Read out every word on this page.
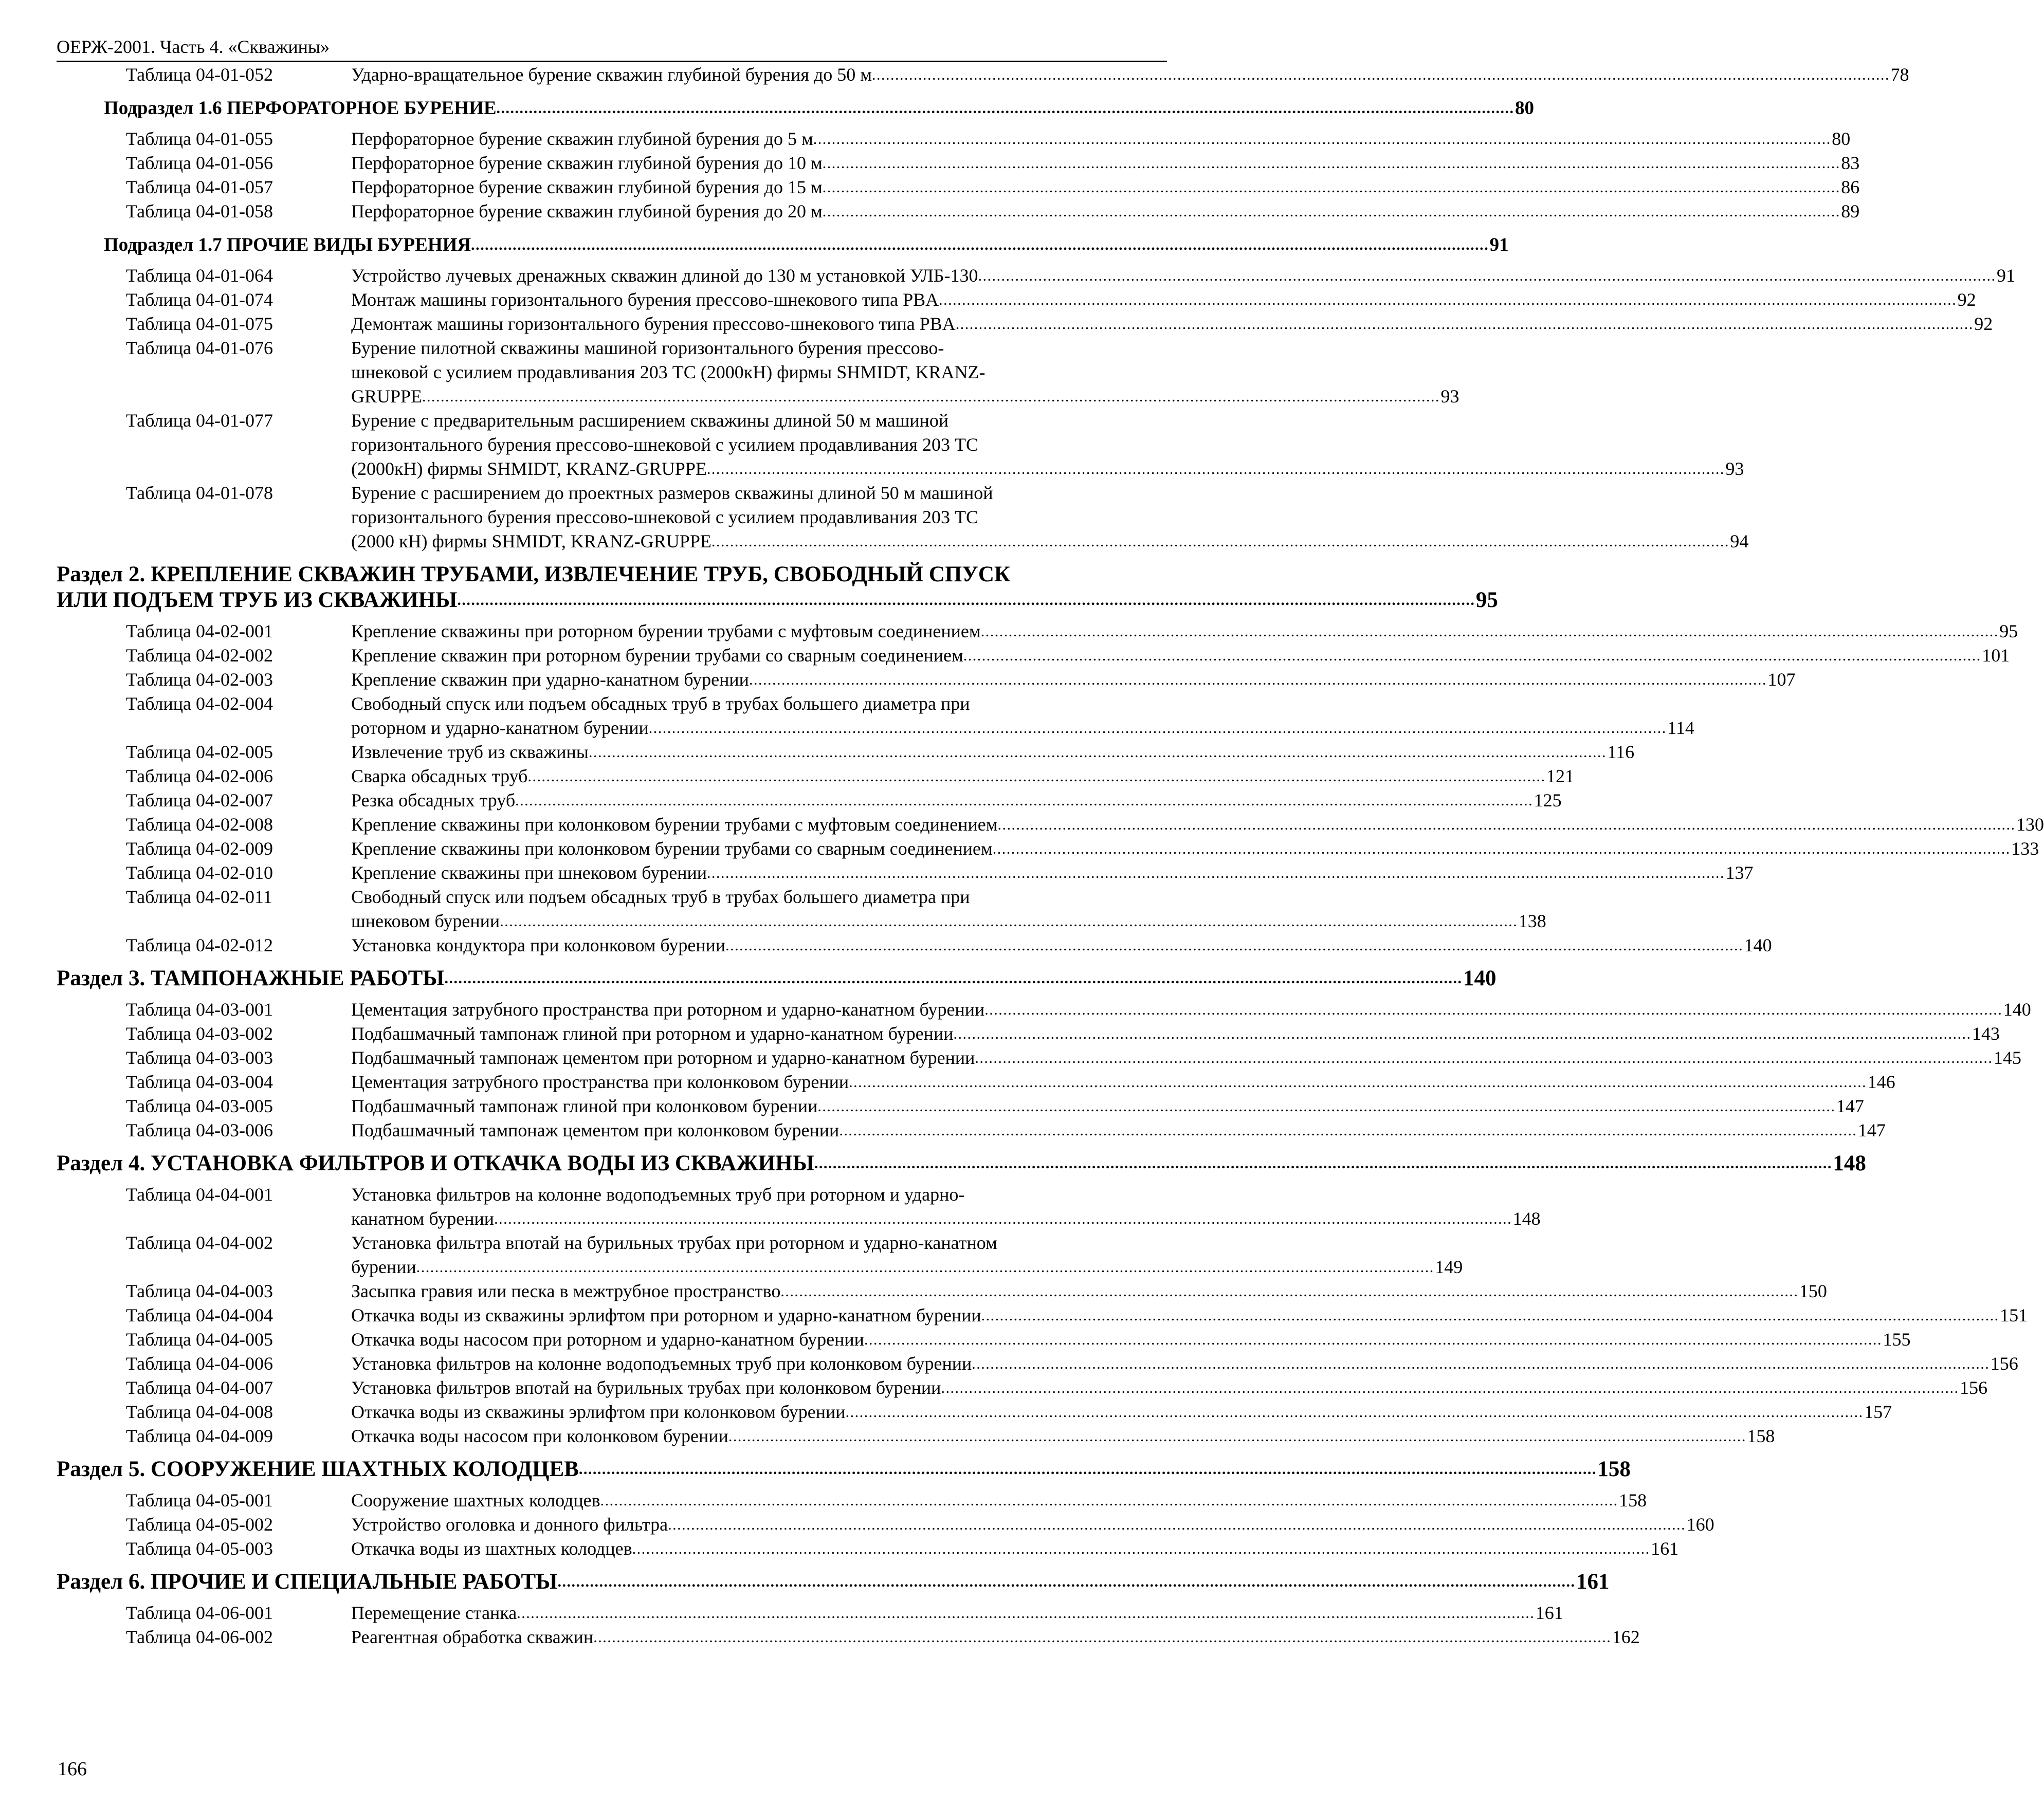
ОЕРЖ-2001. Часть 4. «Скважины»
Таблица 04-01-052	Ударно-вращательное бурение скважин глубиной бурения до 50 м . . . . . . . . . . . . . . . . . . . . . . . . . . . . . . . . . . . . . . . . . . . . . . . . . . . . . . . . . . . . . . . . . . . . . . . . . . . . . . . . . . . . . . . . . . . . . . . . . . . . . . . . . . . . . . . . . . . . . . . . . . . . . . . . . . . . . . . . . . . . . . . . . . . . . . . . . . . . . . . . . . . . . . . . . . . . . . . . . . . . . . . . . . . . . . . . . . . . . . . . . . . . . . . . . . . . . . . . . . . . 78
Подраздел 1.6 ПЕРФОРАТОРНОЕ БУРЕНИЕ . . . . . . . . . . . . . . . . . . . . . . . . . . . . . . . . . . . . . . . . . . . . . . . . . . . . . . . . . . . . . . . . . . . . . . . . . . . . . . . . . . . . . . . . . . . . . . . . . . . . . . . . . . . . . . . . . . . . . . . . . . . . . . . . . . . . . . . . . . . . . . . . . . . . . . . . . . . . . . . . . . . . . . . . . . . . . . . . . . . . . . . . . . . . . . . . . . . . . . . . . . . . . . . . . . . . . . . . . . . . 80
Таблица 04-01-055	Перфораторное бурение скважин глубиной бурения до 5 м . . . . . . . . . . . . . . . . . . . . . . . . . . . . . . . . . . . . . . . . . . . . . . . . . . . . . . . . . . . . . . . . . . . . . . . . . . . . . . . . . . . . . . . . . . . . . . . . . . . . . . . . . . . . . . . . . . . . . . . . . . . . . . . . . . . . . . . . . . . . . . . . . . . . . . . . . . . . . . . . . . . . . . . . . . . . . . . . . . . . . . . . . . . . . . . . . . . . . . . . . . . . . . . . . . . . . . . . . . . . 80
Таблица 04-01-056	Перфораторное бурение скважин глубиной бурения до 10 м . . . . . . . . . . . . . . . . . . . . . . . . . . . . . . . . . . . . . . . . . . . . . . . . . . . . . . . . . . . . . . . . . . . . . . . . . . . . . . . . . . . . . . . . . . . . . . . . . . . . . . . . . . . . . . . . . . . . . . . . . . . . . . . . . . . . . . . . . . . . . . . . . . . . . . . . . . . . . . . . . . . . . . . . . . . . . . . . . . . . . . . . . . . . . . . . . . . . . . . . . . . . . . . . . . . . . . . . . . . . 83
Таблица 04-01-057	Перфораторное бурение скважин глубиной бурения до 15 м . . . . . . . . . . . . . . . . . . . . . . . . . . . . . . . . . . . . . . . . . . . . . . . . . . . . . . . . . . . . . . . . . . . . . . . . . . . . . . . . . . . . . . . . . . . . . . . . . . . . . . . . . . . . . . . . . . . . . . . . . . . . . . . . . . . . . . . . . . . . . . . . . . . . . . . . . . . . . . . . . . . . . . . . . . . . . . . . . . . . . . . . . . . . . . . . . . . . . . . . . . . . . . . . . . . . . . . . . . . . 86
Таблица 04-01-058	Перфораторное бурение скважин глубиной бурения до 20 м . . . . . . . . . . . . . . . . . . . . . . . . . . . . . . . . . . . . . . . . . . . . . . . . . . . . . . . . . . . . . . . . . . . . . . . . . . . . . . . . . . . . . . . . . . . . . . . . . . . . . . . . . . . . . . . . . . . . . . . . . . . . . . . . . . . . . . . . . . . . . . . . . . . . . . . . . . . . . . . . . . . . . . . . . . . . . . . . . . . . . . . . . . . . . . . . . . . . . . . . . . . . . . . . . . . . . . . . . . . . 89
Подраздел 1.7 ПРОЧИЕ ВИДЫ БУРЕНИЯ . . . . . . . . . . . . . . . . . . . . . . . . . . . . . . . . . . . . . . . . . . . . . . . . . . . . . . . . . . . . . . . . . . . . . . . . . . . . . . . . . . . . . . . . . . . . . . . . . . . . . . . . . . . . . . . . . . . . . . . . . . . . . . . . . . . . . . . . . . . . . . . . . . . . . . . . . . . . . . . . . . . . . . . . . . . . . . . . . . . . . . . . . . . . . . . . . . . . . . . . . . . . . . . . . . . . . . . . . . . . 91
Таблица 04-01-064	Устройство лучевых дренажных скважин длиной до 130 м установкой УЛБ-130 . . . . . . . . . . . . . . . . . . . . . . . . . . . . . . . . . . . . . . . . . . . . . . . . . . . . . . . . . . . . . . . . . . . . . . . . . . . . . . . . . . . . . . . . . . . . . . . . . . . . . . . . . . . . . . . . . . . . . . . . . . . . . . . . . . . . . . . . . . . . . . . . . . . . . . . . . . . . . . . . . . . . . . . . . . . . . . . . . . . . . . . . . . . . . . . . . . . . . . . . . . . . . . . . . . . . . . . . . . . . 91
Таблица 04-01-074	Монтаж машины горизонтального бурения прессово-шнекового типа PBA . . . . . . . . . . . . . . . . . . . . . . . . . . . . . . . . . . . . . . . . . . . . . . . . . . . . . . . . . . . . . . . . . . . . . . . . . . . . . . . . . . . . . . . . . . . . . . . . . . . . . . . . . . . . . . . . . . . . . . . . . . . . . . . . . . . . . . . . . . . . . . . . . . . . . . . . . . . . . . . . . . . . . . . . . . . . . . . . . . . . . . . . . . . . . . . . . . . . . . . . . . . . . . . . . . . . . . . . . . . . 92
Таблица 04-01-075	Демонтаж машины горизонтального бурения прессово-шнекового типа PBA . . . . . . . . . . . . . . . . . . . . . . . . . . . . . . . . . . . . . . . . . . . . . . . . . . . . . . . . . . . . . . . . . . . . . . . . . . . . . . . . . . . . . . . . . . . . . . . . . . . . . . . . . . . . . . . . . . . . . . . . . . . . . . . . . . . . . . . . . . . . . . . . . . . . . . . . . . . . . . . . . . . . . . . . . . . . . . . . . . . . . . . . . . . . . . . . . . . . . . . . . . . . . . . . . . . . . . . . . . . . 92
Таблица 04-01-076	Бурение пилотной скважины машиной горизонтального бурения прессово-
шнековой с усилием продавливания 203 ТС (2000кН) фирмы SHMIDT, KRANZ-
GRUPPE . . . . . . . . . . . . . . . . . . . . . . . . . . . . . . . . . . . . . . . . . . . . . . . . . . . . . . . . . . . . . . . . . . . . . . . . . . . . . . . . . . . . . . . . . . . . . . . . . . . . . . . . . . . . . . . . . . . . . . . . . . . . . . . . . . . . . . . . . . . . . . . . . . . . . . . . . . . . . . . . . . . . . . . . . . . . . . . . . . . . . . . . . . . . . . . . . . . . . . . . . . . . . . . . . . . . . . . . . . . . 93
Таблица 04-01-077	Бурение с предварительным расширением скважины длиной 50 м машиной
горизонтального бурения прессово-шнековой с усилием продавливания 203 ТС
(2000кН) фирмы SHMIDT, KRANZ-GRUPPE . . . . . . . . . . . . . . . . . . . . . . . . . . . . . . . . . . . . . . . . . . . . . . . . . . . . . . . . . . . . . . . . . . . . . . . . . . . . . . . . . . . . . . . . . . . . . . . . . . . . . . . . . . . . . . . . . . . . . . . . . . . . . . . . . . . . . . . . . . . . . . . . . . . . . . . . . . . . . . . . . . . . . . . . . . . . . . . . . . . . . . . . . . . . . . . . . . . . . . . . . . . . . . . . . . . . . . . . . . . . 93
Таблица 04-01-078	Бурение с расширением до проектных размеров скважины длиной 50 м машиной
горизонтального бурения прессово-шнековой с усилием продавливания 203 ТС
(2000 кН) фирмы SHMIDT, KRANZ-GRUPPE . . . . . . . . . . . . . . . . . . . . . . . . . . . . . . . . . . . . . . . . . . . . . . . . . . . . . . . . . . . . . . . . . . . . . . . . . . . . . . . . . . . . . . . . . . . . . . . . . . . . . . . . . . . . . . . . . . . . . . . . . . . . . . . . . . . . . . . . . . . . . . . . . . . . . . . . . . . . . . . . . . . . . . . . . . . . . . . . . . . . . . . . . . . . . . . . . . . . . . . . . . . . . . . . . . . . . . . . . . . . 94
Раздел 2. КРЕПЛЕНИЕ СКВАЖИН ТРУБАМИ, ИЗВЛЕЧЕНИЕ ТРУБ, СВОБОДНЫЙ СПУСК
ИЛИ ПОДЪЕМ ТРУБ ИЗ СКВАЖИНЫ . . . . . . . . . . . . . . . . . . . . . . . . . . . . . . . . . . . . . . . . . . . . . . . . . . . . . . . . . . . . . . . . . . . . . . . . . . . . . . . . . . . . . . . . . . . . . . . . . . . . . . . . . . . . . . . . . . . . . . . . . . . . . . . . . . . . . . . . . . . . . . . . . . . . . . . . . . . . . . . . . . . . . . . . . . . . . . . . . . . . . . . . . . . . . . . . . . . . . . . . . . . . . . . . . . . . . . . . . . . . 95
Таблица 04-02-001	Крепление скважины при роторном бурении трубами с муфтовым соединением . . . . . . . . . . . . . . . . . . . . . . . . . . . . . . . . . . . . . . . . . . . . . . . . . . . . . . . . . . . . . . . . . . . . . . . . . . . . . . . . . . . . . . . . . . . . . . . . . . . . . . . . . . . . . . . . . . . . . . . . . . . . . . . . . . . . . . . . . . . . . . . . . . . . . . . . . . . . . . . . . . . . . . . . . . . . . . . . . . . . . . . . . . . . . . . . . . . . . . . . . . . . . . . . . . . . . . . . . . . . 95
Таблица 04-02-002	Крепление скважин при роторном бурении трубами со сварным соединением . . . . . . . . . . . . . . . . . . . . . . . . . . . . . . . . . . . . . . . . . . . . . . . . . . . . . . . . . . . . . . . . . . . . . . . . . . . . . . . . . . . . . . . . . . . . . . . . . . . . . . . . . . . . . . . . . . . . . . . . . . . . . . . . . . . . . . . . . . . . . . . . . . . . . . . . . . . . . . . . . . . . . . . . . . . . . . . . . . . . . . . . . . . . . . . . . . . . . . . . . . . . . . . . . . . . . . . . . . . . 101
Таблица 04-02-003	Крепление скважин при ударно-канатном бурении . . . . . . . . . . . . . . . . . . . . . . . . . . . . . . . . . . . . . . . . . . . . . . . . . . . . . . . . . . . . . . . . . . . . . . . . . . . . . . . . . . . . . . . . . . . . . . . . . . . . . . . . . . . . . . . . . . . . . . . . . . . . . . . . . . . . . . . . . . . . . . . . . . . . . . . . . . . . . . . . . . . . . . . . . . . . . . . . . . . . . . . . . . . . . . . . . . . . . . . . . . . . . . . . . . . . . . . . . . . . 107
Таблица 04-02-004	Свободный спуск или подъем обсадных труб в трубах большего диаметра при
роторном и ударно-канатном бурении . . . . . . . . . . . . . . . . . . . . . . . . . . . . . . . . . . . . . . . . . . . . . . . . . . . . . . . . . . . . . . . . . . . . . . . . . . . . . . . . . . . . . . . . . . . . . . . . . . . . . . . . . . . . . . . . . . . . . . . . . . . . . . . . . . . . . . . . . . . . . . . . . . . . . . . . . . . . . . . . . . . . . . . . . . . . . . . . . . . . . . . . . . . . . . . . . . . . . . . . . . . . . . . . . . . . . . . . . . . . 114
Таблица 04-02-005	Извлечение труб из скважины . . . . . . . . . . . . . . . . . . . . . . . . . . . . . . . . . . . . . . . . . . . . . . . . . . . . . . . . . . . . . . . . . . . . . . . . . . . . . . . . . . . . . . . . . . . . . . . . . . . . . . . . . . . . . . . . . . . . . . . . . . . . . . . . . . . . . . . . . . . . . . . . . . . . . . . . . . . . . . . . . . . . . . . . . . . . . . . . . . . . . . . . . . . . . . . . . . . . . . . . . . . . . . . . . . . . . . . . . . . . 116
Таблица 04-02-006	Сварка обсадных труб . . . . . . . . . . . . . . . . . . . . . . . . . . . . . . . . . . . . . . . . . . . . . . . . . . . . . . . . . . . . . . . . . . . . . . . . . . . . . . . . . . . . . . . . . . . . . . . . . . . . . . . . . . . . . . . . . . . . . . . . . . . . . . . . . . . . . . . . . . . . . . . . . . . . . . . . . . . . . . . . . . . . . . . . . . . . . . . . . . . . . . . . . . . . . . . . . . . . . . . . . . . . . . . . . . . . . . . . . . . . 121
Таблица 04-02-007	Резка обсадных труб . . . . . . . . . . . . . . . . . . . . . . . . . . . . . . . . . . . . . . . . . . . . . . . . . . . . . . . . . . . . . . . . . . . . . . . . . . . . . . . . . . . . . . . . . . . . . . . . . . . . . . . . . . . . . . . . . . . . . . . . . . . . . . . . . . . . . . . . . . . . . . . . . . . . . . . . . . . . . . . . . . . . . . . . . . . . . . . . . . . . . . . . . . . . . . . . . . . . . . . . . . . . . . . . . . . . . . . . . . . . 125
Таблица 04-02-008	Крепление скважины при колонковом бурении трубами с муфтовым соединением . . . . . . . . . . . . . . . . . . . . . . . . . . . . . . . . . . . . . . . . . . . . . . . . . . . . . . . . . . . . . . . . . . . . . . . . . . . . . . . . . . . . . . . . . . . . . . . . . . . . . . . . . . . . . . . . . . . . . . . . . . . . . . . . . . . . . . . . . . . . . . . . . . . . . . . . . . . . . . . . . . . . . . . . . . . . . . . . . . . . . . . . . . . . . . . . . . . . . . . . . . . . . . . . . . . . . . . . . . . . 130
Таблица 04-02-009	Крепление скважины при колонковом бурении трубами со сварным соединением . . . . . . . . . . . . . . . . . . . . . . . . . . . . . . . . . . . . . . . . . . . . . . . . . . . . . . . . . . . . . . . . . . . . . . . . . . . . . . . . . . . . . . . . . . . . . . . . . . . . . . . . . . . . . . . . . . . . . . . . . . . . . . . . . . . . . . . . . . . . . . . . . . . . . . . . . . . . . . . . . . . . . . . . . . . . . . . . . . . . . . . . . . . . . . . . . . . . . . . . . . . . . . . . . . . . . . . . . . . . 133
Таблица 04-02-010	Крепление скважины при шнековом бурении . . . . . . . . . . . . . . . . . . . . . . . . . . . . . . . . . . . . . . . . . . . . . . . . . . . . . . . . . . . . . . . . . . . . . . . . . . . . . . . . . . . . . . . . . . . . . . . . . . . . . . . . . . . . . . . . . . . . . . . . . . . . . . . . . . . . . . . . . . . . . . . . . . . . . . . . . . . . . . . . . . . . . . . . . . . . . . . . . . . . . . . . . . . . . . . . . . . . . . . . . . . . . . . . . . . . . . . . . . . . 137
Таблица 04-02-011	Свободный спуск или подъем обсадных труб в трубах большего диаметра при
шнековом бурении . . . . . . . . . . . . . . . . . . . . . . . . . . . . . . . . . . . . . . . . . . . . . . . . . . . . . . . . . . . . . . . . . . . . . . . . . . . . . . . . . . . . . . . . . . . . . . . . . . . . . . . . . . . . . . . . . . . . . . . . . . . . . . . . . . . . . . . . . . . . . . . . . . . . . . . . . . . . . . . . . . . . . . . . . . . . . . . . . . . . . . . . . . . . . . . . . . . . . . . . . . . . . . . . . . . . . . . . . . . . 138
Таблица 04-02-012	Установка кондуктора при колонковом бурении . . . . . . . . . . . . . . . . . . . . . . . . . . . . . . . . . . . . . . . . . . . . . . . . . . . . . . . . . . . . . . . . . . . . . . . . . . . . . . . . . . . . . . . . . . . . . . . . . . . . . . . . . . . . . . . . . . . . . . . . . . . . . . . . . . . . . . . . . . . . . . . . . . . . . . . . . . . . . . . . . . . . . . . . . . . . . . . . . . . . . . . . . . . . . . . . . . . . . . . . . . . . . . . . . . . . . . . . . . . . 140
Раздел 3. ТАМПОНАЖНЫЕ РАБОТЫ . . . . . . . . . . . . . . . . . . . . . . . . . . . . . . . . . . . . . . . . . . . . . . . . . . . . . . . . . . . . . . . . . . . . . . . . . . . . . . . . . . . . . . . . . . . . . . . . . . . . . . . . . . . . . . . . . . . . . . . . . . . . . . . . . . . . . . . . . . . . . . . . . . . . . . . . . . . . . . . . . . . . . . . . . . . . . . . . . . . . . . . . . . . . . . . . . . . . . . . . . . . . . . . . . . . . . . . . . . . . 140
Таблица 04-03-001	Цементация затрубного пространства при роторном и ударно-канатном бурении . . . . . . . . . . . . . . . . . . . . . . . . . . . . . . . . . . . . . . . . . . . . . . . . . . . . . . . . . . . . . . . . . . . . . . . . . . . . . . . . . . . . . . . . . . . . . . . . . . . . . . . . . . . . . . . . . . . . . . . . . . . . . . . . . . . . . . . . . . . . . . . . . . . . . . . . . . . . . . . . . . . . . . . . . . . . . . . . . . . . . . . . . . . . . . . . . . . . . . . . . . . . . . . . . . . . . . . . . . . . 140
Таблица 04-03-002	Подбашмачный тампонаж глиной при роторном и ударно-канатном бурении . . . . . . . . . . . . . . . . . . . . . . . . . . . . . . . . . . . . . . . . . . . . . . . . . . . . . . . . . . . . . . . . . . . . . . . . . . . . . . . . . . . . . . . . . . . . . . . . . . . . . . . . . . . . . . . . . . . . . . . . . . . . . . . . . . . . . . . . . . . . . . . . . . . . . . . . . . . . . . . . . . . . . . . . . . . . . . . . . . . . . . . . . . . . . . . . . . . . . . . . . . . . . . . . . . . . . . . . . . . . 143
Таблица 04-03-003	Подбашмачный тампонаж цементом при роторном и ударно-канатном бурении . . . . . . . . . . . . . . . . . . . . . . . . . . . . . . . . . . . . . . . . . . . . . . . . . . . . . . . . . . . . . . . . . . . . . . . . . . . . . . . . . . . . . . . . . . . . . . . . . . . . . . . . . . . . . . . . . . . . . . . . . . . . . . . . . . . . . . . . . . . . . . . . . . . . . . . . . . . . . . . . . . . . . . . . . . . . . . . . . . . . . . . . . . . . . . . . . . . . . . . . . . . . . . . . . . . . . . . . . . . . 145
Таблица 04-03-004	Цементация затрубного пространства при колонковом бурении . . . . . . . . . . . . . . . . . . . . . . . . . . . . . . . . . . . . . . . . . . . . . . . . . . . . . . . . . . . . . . . . . . . . . . . . . . . . . . . . . . . . . . . . . . . . . . . . . . . . . . . . . . . . . . . . . . . . . . . . . . . . . . . . . . . . . . . . . . . . . . . . . . . . . . . . . . . . . . . . . . . . . . . . . . . . . . . . . . . . . . . . . . . . . . . . . . . . . . . . . . . . . . . . . . . . . . . . . . . . 146
Таблица 04-03-005	Подбашмачный тампонаж глиной при колонковом бурении . . . . . . . . . . . . . . . . . . . . . . . . . . . . . . . . . . . . . . . . . . . . . . . . . . . . . . . . . . . . . . . . . . . . . . . . . . . . . . . . . . . . . . . . . . . . . . . . . . . . . . . . . . . . . . . . . . . . . . . . . . . . . . . . . . . . . . . . . . . . . . . . . . . . . . . . . . . . . . . . . . . . . . . . . . . . . . . . . . . . . . . . . . . . . . . . . . . . . . . . . . . . . . . . . . . . . . . . . . . . 147
Таблица 04-03-006	Подбашмачный тампонаж цементом при колонковом бурении . . . . . . . . . . . . . . . . . . . . . . . . . . . . . . . . . . . . . . . . . . . . . . . . . . . . . . . . . . . . . . . . . . . . . . . . . . . . . . . . . . . . . . . . . . . . . . . . . . . . . . . . . . . . . . . . . . . . . . . . . . . . . . . . . . . . . . . . . . . . . . . . . . . . . . . . . . . . . . . . . . . . . . . . . . . . . . . . . . . . . . . . . . . . . . . . . . . . . . . . . . . . . . . . . . . . . . . . . . . . 147
Раздел 4. УСТАНОВКА ФИЛЬТРОВ И ОТКАЧКА ВОДЫ ИЗ СКВАЖИНЫ . . . . . . . . . . . . . . . . . . . . . . . . . . . . . . . . . . . . . . . . . . . . . . . . . . . . . . . . . . . . . . . . . . . . . . . . . . . . . . . . . . . . . . . . . . . . . . . . . . . . . . . . . . . . . . . . . . . . . . . . . . . . . . . . . . . . . . . . . . . . . . . . . . . . . . . . . . . . . . . . . . . . . . . . . . . . . . . . . . . . . . . . . . . . . . . . . . . . . . . . . . . . . . . . . . . . . . . . . . . . 148
Таблица 04-04-001	Установка фильтров на колонне водоподъемных труб при роторном и ударно-
канатном бурении . . . . . . . . . . . . . . . . . . . . . . . . . . . . . . . . . . . . . . . . . . . . . . . . . . . . . . . . . . . . . . . . . . . . . . . . . . . . . . . . . . . . . . . . . . . . . . . . . . . . . . . . . . . . . . . . . . . . . . . . . . . . . . . . . . . . . . . . . . . . . . . . . . . . . . . . . . . . . . . . . . . . . . . . . . . . . . . . . . . . . . . . . . . . . . . . . . . . . . . . . . . . . . . . . . . . . . . . . . . . 148
Таблица 04-04-002	Установка фильтра впотай на бурильных трубах при роторном и ударно-канатном
бурении . . . . . . . . . . . . . . . . . . . . . . . . . . . . . . . . . . . . . . . . . . . . . . . . . . . . . . . . . . . . . . . . . . . . . . . . . . . . . . . . . . . . . . . . . . . . . . . . . . . . . . . . . . . . . . . . . . . . . . . . . . . . . . . . . . . . . . . . . . . . . . . . . . . . . . . . . . . . . . . . . . . . . . . . . . . . . . . . . . . . . . . . . . . . . . . . . . . . . . . . . . . . . . . . . . . . . . . . . . . . 149
Таблица 04-04-003	Засыпка гравия или песка в межтрубное пространство . . . . . . . . . . . . . . . . . . . . . . . . . . . . . . . . . . . . . . . . . . . . . . . . . . . . . . . . . . . . . . . . . . . . . . . . . . . . . . . . . . . . . . . . . . . . . . . . . . . . . . . . . . . . . . . . . . . . . . . . . . . . . . . . . . . . . . . . . . . . . . . . . . . . . . . . . . . . . . . . . . . . . . . . . . . . . . . . . . . . . . . . . . . . . . . . . . . . . . . . . . . . . . . . . . . . . . . . . . . . 150
Таблица 04-04-004	Откачка воды из скважины эрлифтом при роторном и ударно-канатном бурении . . . . . . . . . . . . . . . . . . . . . . . . . . . . . . . . . . . . . . . . . . . . . . . . . . . . . . . . . . . . . . . . . . . . . . . . . . . . . . . . . . . . . . . . . . . . . . . . . . . . . . . . . . . . . . . . . . . . . . . . . . . . . . . . . . . . . . . . . . . . . . . . . . . . . . . . . . . . . . . . . . . . . . . . . . . . . . . . . . . . . . . . . . . . . . . . . . . . . . . . . . . . . . . . . . . . . . . . . . . . 151
Таблица 04-04-005	Откачка воды насосом при роторном и ударно-канатном бурении . . . . . . . . . . . . . . . . . . . . . . . . . . . . . . . . . . . . . . . . . . . . . . . . . . . . . . . . . . . . . . . . . . . . . . . . . . . . . . . . . . . . . . . . . . . . . . . . . . . . . . . . . . . . . . . . . . . . . . . . . . . . . . . . . . . . . . . . . . . . . . . . . . . . . . . . . . . . . . . . . . . . . . . . . . . . . . . . . . . . . . . . . . . . . . . . . . . . . . . . . . . . . . . . . . . . . . . . . . . . 155
Таблица 04-04-006	Установка фильтров на колонне водоподъемных труб при колонковом бурении . . . . . . . . . . . . . . . . . . . . . . . . . . . . . . . . . . . . . . . . . . . . . . . . . . . . . . . . . . . . . . . . . . . . . . . . . . . . . . . . . . . . . . . . . . . . . . . . . . . . . . . . . . . . . . . . . . . . . . . . . . . . . . . . . . . . . . . . . . . . . . . . . . . . . . . . . . . . . . . . . . . . . . . . . . . . . . . . . . . . . . . . . . . . . . . . . . . . . . . . . . . . . . . . . . . . . . . . . . . . 156
Таблица 04-04-007	Установка фильтров впотай на бурильных трубах при колонковом бурении . . . . . . . . . . . . . . . . . . . . . . . . . . . . . . . . . . . . . . . . . . . . . . . . . . . . . . . . . . . . . . . . . . . . . . . . . . . . . . . . . . . . . . . . . . . . . . . . . . . . . . . . . . . . . . . . . . . . . . . . . . . . . . . . . . . . . . . . . . . . . . . . . . . . . . . . . . . . . . . . . . . . . . . . . . . . . . . . . . . . . . . . . . . . . . . . . . . . . . . . . . . . . . . . . . . . . . . . . . . . 156
Таблица 04-04-008	Откачка воды из скважины эрлифтом при колонковом бурении . . . . . . . . . . . . . . . . . . . . . . . . . . . . . . . . . . . . . . . . . . . . . . . . . . . . . . . . . . . . . . . . . . . . . . . . . . . . . . . . . . . . . . . . . . . . . . . . . . . . . . . . . . . . . . . . . . . . . . . . . . . . . . . . . . . . . . . . . . . . . . . . . . . . . . . . . . . . . . . . . . . . . . . . . . . . . . . . . . . . . . . . . . . . . . . . . . . . . . . . . . . . . . . . . . . . . . . . . . . . 157
Таблица 04-04-009	Откачка воды насосом при колонковом бурении . . . . . . . . . . . . . . . . . . . . . . . . . . . . . . . . . . . . . . . . . . . . . . . . . . . . . . . . . . . . . . . . . . . . . . . . . . . . . . . . . . . . . . . . . . . . . . . . . . . . . . . . . . . . . . . . . . . . . . . . . . . . . . . . . . . . . . . . . . . . . . . . . . . . . . . . . . . . . . . . . . . . . . . . . . . . . . . . . . . . . . . . . . . . . . . . . . . . . . . . . . . . . . . . . . . . . . . . . . . . 158
Раздел 5. СООРУЖЕНИЕ ШАХТНЫХ КОЛОДЦЕВ . . . . . . . . . . . . . . . . . . . . . . . . . . . . . . . . . . . . . . . . . . . . . . . . . . . . . . . . . . . . . . . . . . . . . . . . . . . . . . . . . . . . . . . . . . . . . . . . . . . . . . . . . . . . . . . . . . . . . . . . . . . . . . . . . . . . . . . . . . . . . . . . . . . . . . . . . . . . . . . . . . . . . . . . . . . . . . . . . . . . . . . . . . . . . . . . . . . . . . . . . . . . . . . . . . . . . . . . . . . . 158
Таблица 04-05-001	Сооружение шахтных колодцев . . . . . . . . . . . . . . . . . . . . . . . . . . . . . . . . . . . . . . . . . . . . . . . . . . . . . . . . . . . . . . . . . . . . . . . . . . . . . . . . . . . . . . . . . . . . . . . . . . . . . . . . . . . . . . . . . . . . . . . . . . . . . . . . . . . . . . . . . . . . . . . . . . . . . . . . . . . . . . . . . . . . . . . . . . . . . . . . . . . . . . . . . . . . . . . . . . . . . . . . . . . . . . . . . . . . . . . . . . . . 158
Таблица 04-05-002	Устройство оголовка и донного фильтра . . . . . . . . . . . . . . . . . . . . . . . . . . . . . . . . . . . . . . . . . . . . . . . . . . . . . . . . . . . . . . . . . . . . . . . . . . . . . . . . . . . . . . . . . . . . . . . . . . . . . . . . . . . . . . . . . . . . . . . . . . . . . . . . . . . . . . . . . . . . . . . . . . . . . . . . . . . . . . . . . . . . . . . . . . . . . . . . . . . . . . . . . . . . . . . . . . . . . . . . . . . . . . . . . . . . . . . . . . . . 160
Таблица 04-05-003	Откачка воды из шахтных колодцев . . . . . . . . . . . . . . . . . . . . . . . . . . . . . . . . . . . . . . . . . . . . . . . . . . . . . . . . . . . . . . . . . . . . . . . . . . . . . . . . . . . . . . . . . . . . . . . . . . . . . . . . . . . . . . . . . . . . . . . . . . . . . . . . . . . . . . . . . . . . . . . . . . . . . . . . . . . . . . . . . . . . . . . . . . . . . . . . . . . . . . . . . . . . . . . . . . . . . . . . . . . . . . . . . . . . . . . . . . . . 161
Раздел 6. ПРОЧИЕ И СПЕЦИАЛЬНЫЕ РАБОТЫ . . . . . . . . . . . . . . . . . . . . . . . . . . . . . . . . . . . . . . . . . . . . . . . . . . . . . . . . . . . . . . . . . . . . . . . . . . . . . . . . . . . . . . . . . . . . . . . . . . . . . . . . . . . . . . . . . . . . . . . . . . . . . . . . . . . . . . . . . . . . . . . . . . . . . . . . . . . . . . . . . . . . . . . . . . . . . . . . . . . . . . . . . . . . . . . . . . . . . . . . . . . . . . . . . . . . . . . . . . . . 161
Таблица 04-06-001	Перемещение станка . . . . . . . . . . . . . . . . . . . . . . . . . . . . . . . . . . . . . . . . . . . . . . . . . . . . . . . . . . . . . . . . . . . . . . . . . . . . . . . . . . . . . . . . . . . . . . . . . . . . . . . . . . . . . . . . . . . . . . . . . . . . . . . . . . . . . . . . . . . . . . . . . . . . . . . . . . . . . . . . . . . . . . . . . . . . . . . . . . . . . . . . . . . . . . . . . . . . . . . . . . . . . . . . . . . . . . . . . . . . 161
Таблица 04-06-002	Реагентная обработка скважин . . . . . . . . . . . . . . . . . . . . . . . . . . . . . . . . . . . . . . . . . . . . . . . . . . . . . . . . . . . . . . . . . . . . . . . . . . . . . . . . . . . . . . . . . . . . . . . . . . . . . . . . . . . . . . . . . . . . . . . . . . . . . . . . . . . . . . . . . . . . . . . . . . . . . . . . . . . . . . . . . . . . . . . . . . . . . . . . . . . . . . . . . . . . . . . . . . . . . . . . . . . . . . . . . . . . . . . . . . . . 162
166
